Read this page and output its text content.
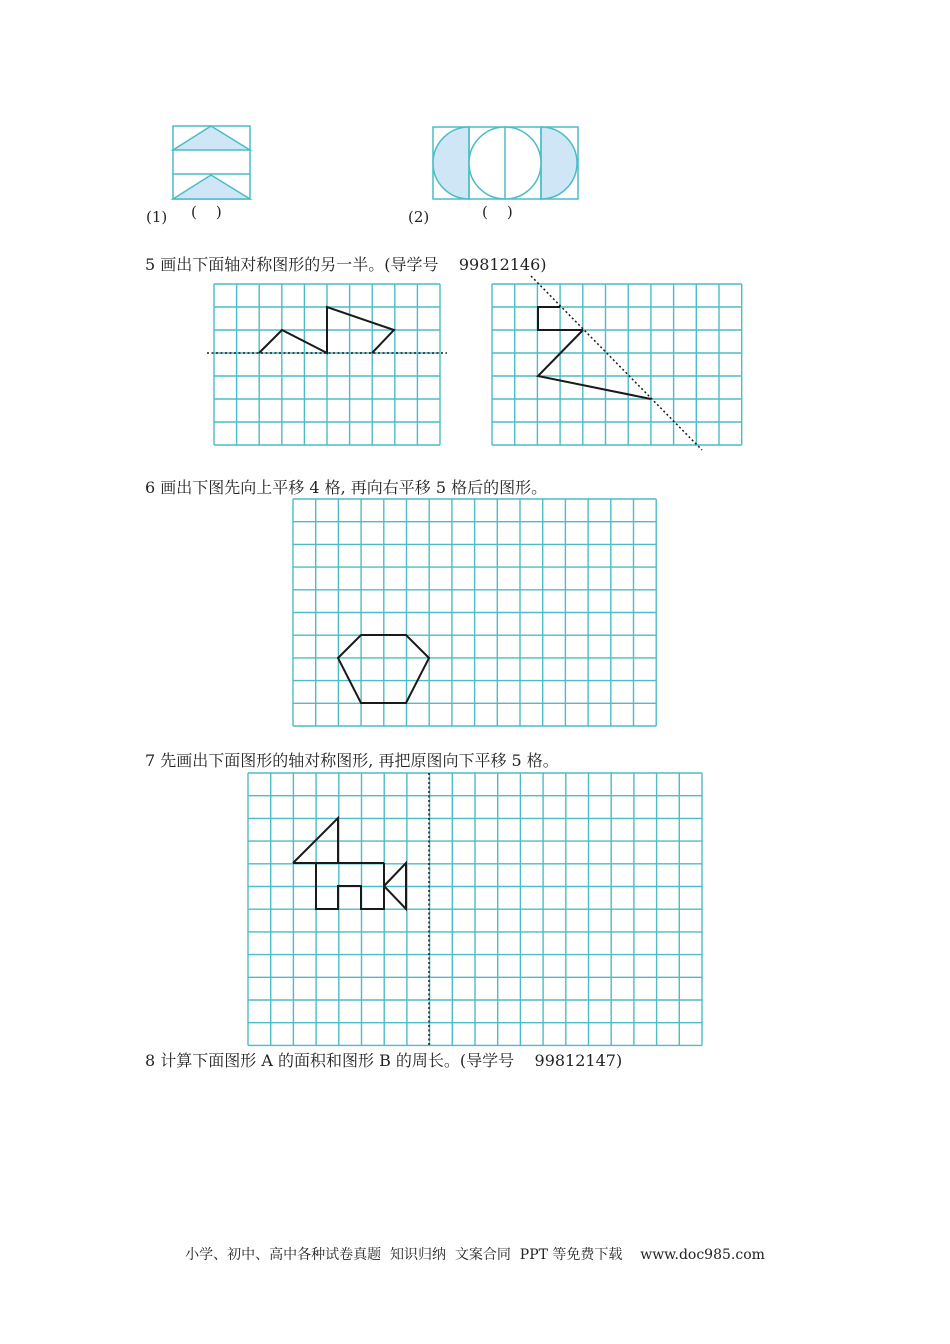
(1) (    )	(2)	(    )
5 画出下面轴对称图形的另一半。(导学号    99812146)
6 画出下图先向上平移 4 格, 再向右平移 5 格后的图形。
7 先画出下面图形的轴对称图形, 再把原图向下平移 5 格。
8 计算下面图形 A 的面积和图形 B 的周长。(导学号    99812147)
小学、初中、高中各种试卷真题  知识归纳  文案合同  PPT 等免费下载    www.doc985.com
